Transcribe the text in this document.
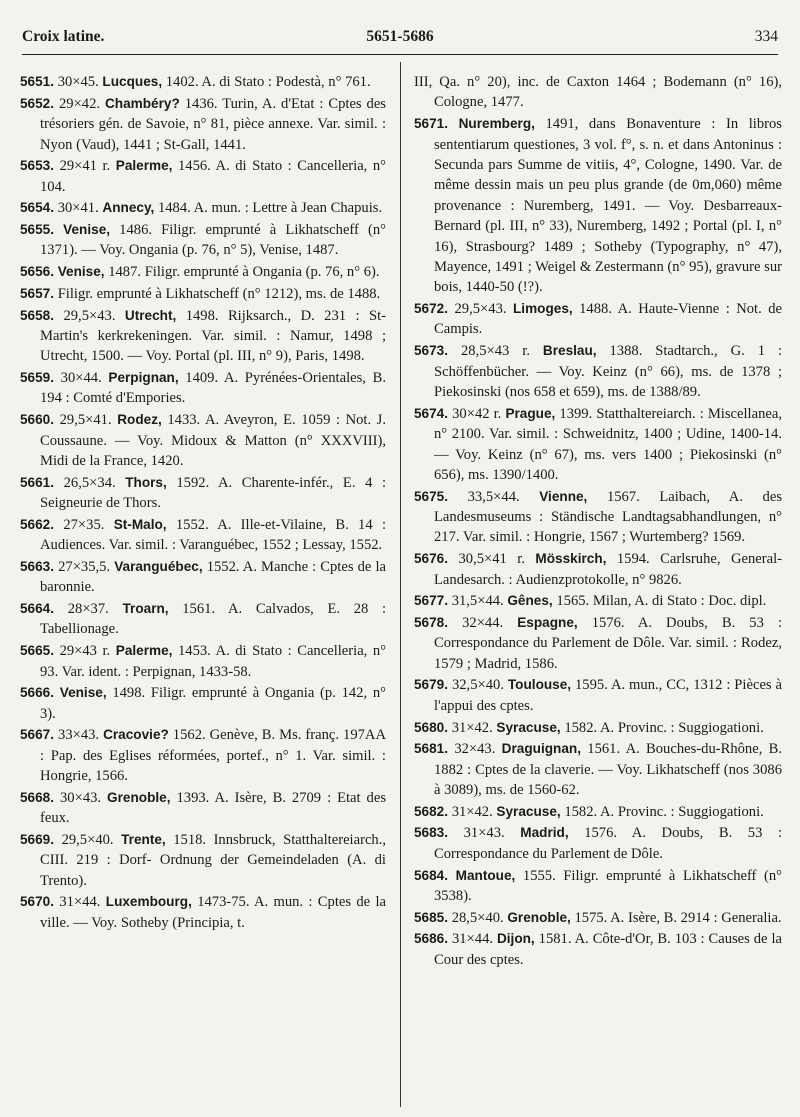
Croix latine.	5651-5686	334

5651. 30×45. Lucques, 1402. A. di Stato : Podestà, n° 761.

5652. 29×42. Chambéry? 1436. Turin, A. d'Etat : Cptes des trésoriers gén. de Savoie, n° 81, pièce annexe. Var. simil. : Nyon (Vaud), 1441 ; St-Gall, 1441.

5653. 29×41 r. Palerme, 1456. A. di Stato : Cancelleria, n° 104.

5654. 30×41. Annecy, 1484. A. mun. : Lettre à Jean Chapuis.

5655. Venise, 1486. Filigr. emprunté à Likhatscheff (n° 1371). — Voy. Ongania (p. 76, n° 5), Venise, 1487.

5656. Venise, 1487. Filigr. emprunté à Ongania (p. 76, n° 6).

5657. Filigr. emprunté à Likhatscheff (n° 1212), ms. de 1488.

5658. 29,5×43. Utrecht, 1498. Rijksarch., D. 231 : St-Martin's kerkrekeningen. Var. simil. : Namur, 1498 ; Utrecht, 1500. — Voy. Portal (pl. III, n° 9), Paris, 1498.

5659. 30×44. Perpignan, 1409. A. Pyrénées-Orientales, B. 194 : Comté d'Empories.

5660. 29,5×41. Rodez, 1433. A. Aveyron, E. 1059 : Not. J. Coussaune. — Voy. Midoux & Matton (n° XXXVIII), Midi de la France, 1420.

5661. 26,5×34. Thors, 1592. A. Charente-infér., E. 4 : Seigneurie de Thors.

5662. 27×35. St-Malo, 1552. A. Ille-et-Vilaine, B. 14 : Audiences. Var. simil. : Varanguébec, 1552 ; Lessay, 1552.

5663. 27×35,5. Varanguébec, 1552. A. Manche : Cptes de la baronnie.

5664. 28×37. Troarn, 1561. A. Calvados, E. 28 : Tabellionage.

5665. 29×43 r. Palerme, 1453. A. di Stato : Cancelleria, n° 93. Var. ident. : Perpignan, 1433-58.

5666. Venise, 1498. Filigr. emprunté à Ongania (p. 142, n° 3).

5667. 33×43. Cracovie? 1562. Genève, B. Ms. franç. 197AA : Pap. des Eglises réformées, portef., n° 1. Var. simil. : Hongrie, 1566.

5668. 30×43. Grenoble, 1393. A. Isère, B. 2709 : Etat des feux.

5669. 29,5×40. Trente, 1518. Innsbruck, Statthaltereiarch., CIII. 219 : Dorf- Ordnung der Gemeindeladen (A. di Trento).

5670. 31×44. Luxembourg, 1473-75. A. mun. : Cptes de la ville. — Voy. Sotheby (Principia, t.

III, Qa. n° 20), inc. de Caxton 1464 ; Bodemann (n° 16), Cologne, 1477.

5671. Nuremberg, 1491, dans Bonaventure : In libros sententiarum questiones, 3 vol. f°, s. n. et dans Antoninus : Secunda pars Summe de vitiis, 4°, Cologne, 1490. Var. de même dessin mais un peu plus grande (de 0m,060) même provenance : Nuremberg, 1491. — Voy. Desbarreaux-Bernard (pl. III, n° 33), Nuremberg, 1492 ; Portal (pl. I, n° 16), Strasbourg? 1489 ; Sotheby (Typography, n° 47), Mayence, 1491 ; Weigel & Zestermann (n° 95), gravure sur bois, 1440-50 (!?).

5672. 29,5×43. Limoges, 1488. A. Haute-Vienne : Not. de Campis.

5673. 28,5×43 r. Breslau, 1388. Stadtarch., G. 1 : Schöffenbücher. — Voy. Keinz (n° 66), ms. de 1378 ; Piekosinski (nos 658 et 659), ms. de 1388/89.

5674. 30×42 r. Prague, 1399. Statthaltereiarch. : Miscellanea, n° 2100. Var. simil. : Schweidnitz, 1400 ; Udine, 1400-14. — Voy. Keinz (n° 67), ms. vers 1400 ; Piekosinski (n° 656), ms. 1390/1400.

5675. 33,5×44. Vienne, 1567. Laibach, A. des Landesmuseums : Ständische Landtagsabhandlungen, n° 217. Var. simil. : Hongrie, 1567 ; Wurtemberg? 1569.

5676. 30,5×41 r. Mösskirch, 1594. Carlsruhe, General- Landesarch. : Audienzprotokolle, n° 9826.

5677. 31,5×44. Gênes, 1565. Milan, A. di Stato : Doc. dipl.

5678. 32×44. Espagne, 1576. A. Doubs, B. 53 : Correspondance du Parlement de Dôle. Var. simil. : Rodez, 1579 ; Madrid, 1586.

5679. 32,5×40. Toulouse, 1595. A. mun., CC, 1312 : Pièces à l'appui des cptes.

5680. 31×42. Syracuse, 1582. A. Provinc. : Suggiogationi.

5681. 32×43. Draguignan, 1561. A. Bouches-du-Rhône, B. 1882 : Cptes de la claverie. — Voy. Likhatscheff (nos 3086 à 3089), ms. de 1560-62.

5682. 31×42. Syracuse, 1582. A. Provinc. : Suggiogationi.

5683. 31×43. Madrid, 1576. A. Doubs, B. 53 : Correspondance du Parlement de Dôle.

5684. Mantoue, 1555. Filigr. emprunté à Likhatscheff (n° 3538).

5685. 28,5×40. Grenoble, 1575. A. Isère, B. 2914 : Generalia.

5686. 31×44. Dijon, 1581. A. Côte-d'Or, B. 103 : Causes de la Cour des cptes.
